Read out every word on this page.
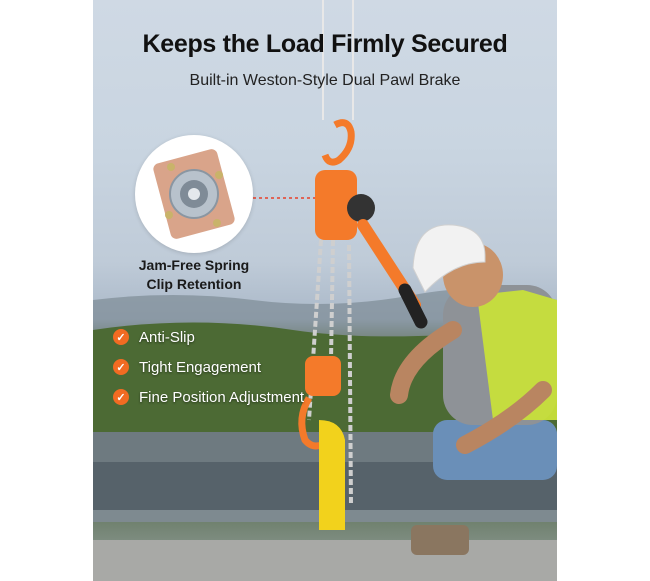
Keeps the Load Firmly Secured
Built-in Weston-Style Dual Pawl Brake
Jam-Free Spring
Clip Retention
✓ Anti-Slip
✓ Tight Engagement
✓ Fine Position Adjustment
